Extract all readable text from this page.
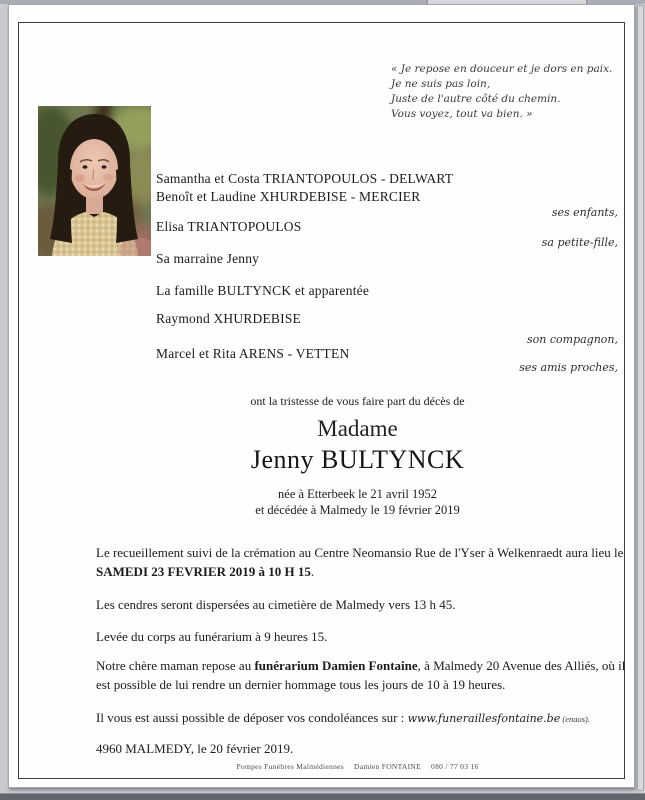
« Je repose en douceur et je dors en paix.
Je ne suis pas loin,
Juste de l'autre côté du chemin.
Vous voyez, tout va bien. »
Samantha et Costa TRIANTOPOULOS - DELWART
Benoît et Laudine XHURDEBISE - MERCIER
ses enfants,
Elisa TRIANTOPOULOS
sa petite-fille,
Sa marraine Jenny
La famille BULTYNCK et apparentée
Raymond XHURDEBISE
son compagnon,
Marcel et Rita ARENS - VETTEN
ses amis proches,
ont la tristesse de vous faire part du décès de
Madame
Jenny BULTYNCK
née à Etterbeek le 21 avril 1952
et décédée à Malmedy le 19 février 2019

Le recueillement suivi de la crémation au Centre Neomansio Rue de l'Yser à Welkenraedt aura lieu le SAMEDI 23 FEVRIER 2019 à 10 H 15.

Les cendres seront dispersées au cimetière de Malmedy vers 13 h 45.

Levée du corps au funérarium à 9 heures 15.

Notre chère maman repose au funérarium Damien Fontaine, à Malmedy 20 Avenue des Alliés, où il est possible de lui rendre un dernier hommage tous les jours de 10 à 19 heures.

Il vous est aussi possible de déposer vos condoléances sur : www.funeraillesfontaine.be (enaos).

4960 MALMEDY, le 20 février 2019.

Pompes Funèbres Malmédiennes Damien FONTAINE 080 / 77 03 16
